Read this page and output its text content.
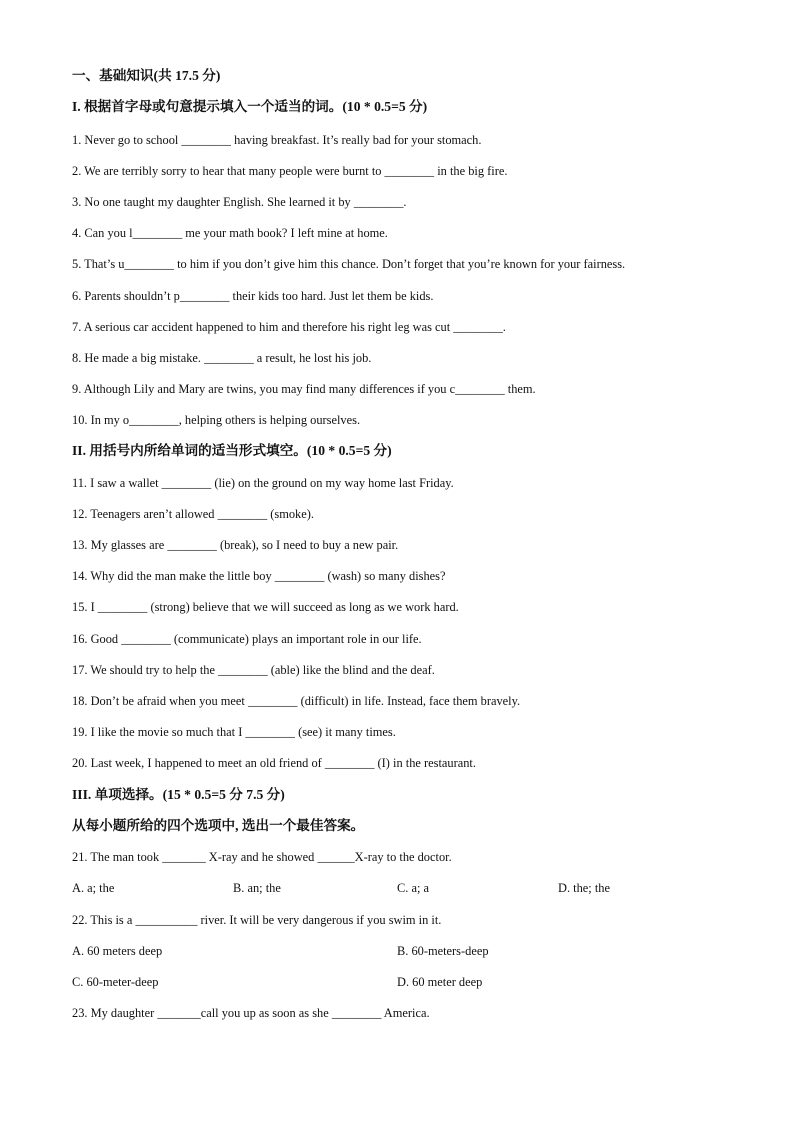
一、基础知识(共 17.5 分)
I. 根据首字母或句意提示填入一个适当的词。(10 * 0.5=5 分)
1. Never go to school ________ having breakfast. It’s really bad for your stomach.
2. We are terribly sorry to hear that many people were burnt to ________ in the big fire.
3. No one taught my daughter English. She learned it by ________.
4. Can you l________ me your math book? I left mine at home.
5. That’s u________ to him if you don’t give him this chance. Don’t forget that you’re known for your fairness.
6. Parents shouldn’t p________ their kids too hard. Just let them be kids.
7. A serious car accident happened to him and therefore his right leg was cut ________.
8. He made a big mistake. ________ a result, he lost his job.
9. Although Lily and Mary are twins, you may find many differences if you c________ them.
10. In my o________, helping others is helping ourselves.
II. 用括号内所给单词的适当形式填空。(10 * 0.5=5 分)
11. I saw a wallet ________ (lie) on the ground on my way home last Friday.
12. Teenagers aren’t allowed ________ (smoke).
13. My glasses are ________ (break), so I need to buy a new pair.
14. Why did the man make the little boy ________ (wash) so many dishes?
15. I ________ (strong) believe that we will succeed as long as we work hard.
16. Good ________ (communicate) plays an important role in our life.
17. We should try to help the ________ (able) like the blind and the deaf.
18. Don’t be afraid when you meet ________ (difficult) in life. Instead, face them bravely.
19. I like the movie so much that I ________ (see) it many times.
20. Last week, I happened to meet an old friend of ________ (I) in the restaurant.
III. 单项选择。(15 * 0.5=5 分 7.5 分)
从每小题所给的四个选项中, 选出一个最佳答案。
21. The man took _______ X-ray and he showed ______X-ray to the doctor.
A. a; the	B. an; the	C. a; a	D. the; the
22. This is a __________ river. It will be very dangerous if you swim in it.
A. 60 meters deep	B. 60-meters-deep
C. 60-meter-deep	D. 60 meter deep
23. My daughter _______call you up as soon as she ________ America.
